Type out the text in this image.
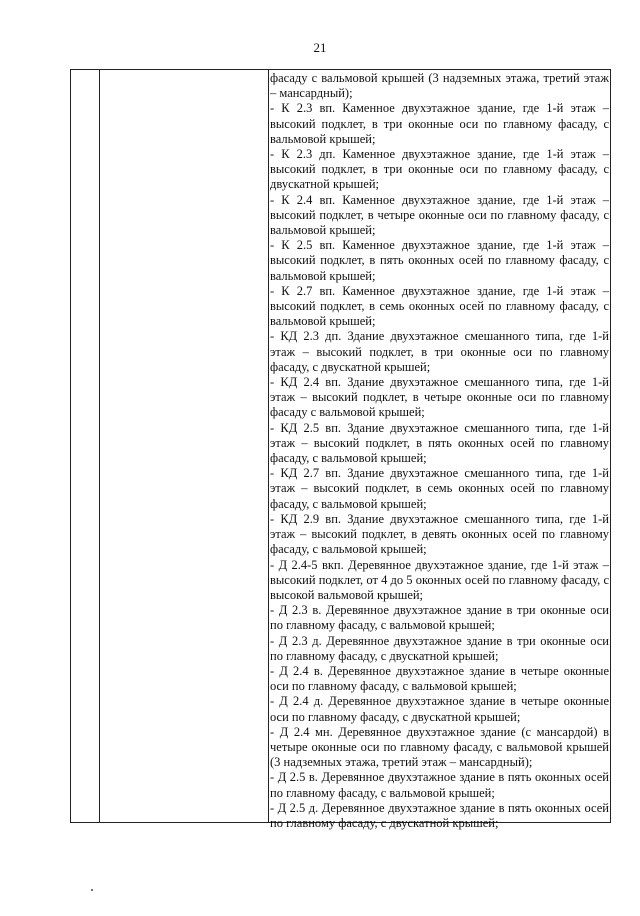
21

фасаду с вальмовой крышей (3 надземных этажа, третий этаж – мансардный);

- К 2.3 вп. Каменное двухэтажное здание, где 1-й этаж – высокий подклет, в три оконные оси по главному фасаду, с вальмовой крышей;

- К 2.3 дп. Каменное двухэтажное здание, где 1-й этаж – высокий подклет, в три оконные оси по главному фасаду, с двускатной крышей;

- К 2.4 вп. Каменное двухэтажное здание, где 1-й этаж – высокий подклет, в четыре оконные оси по главному фасаду, с вальмовой крышей;

- К 2.5 вп. Каменное двухэтажное здание, где 1-й этаж – высокий подклет, в пять оконных осей по главному фасаду, с вальмовой крышей;

- К 2.7 вп. Каменное двухэтажное здание, где 1-й этаж – высокий подклет, в семь оконных осей по главному фасаду, с вальмовой крышей;

- КД 2.3 дп. Здание двухэтажное смешанного типа, где 1-й этаж – высокий подклет, в три оконные оси по главному фасаду, с двускатной крышей;

- КД 2.4 вп. Здание двухэтажное смешанного типа, где 1-й этаж – высокий подклет, в четыре оконные оси по главному фасаду с вальмовой крышей;

- КД 2.5 вп. Здание двухэтажное смешанного типа, где 1-й этаж – высокий подклет, в пять оконных осей по главному фасаду, с вальмовой крышей;

- КД 2.7 вп. Здание двухэтажное смешанного типа, где 1-й этаж – высокий подклет, в семь оконных осей по главному фасаду, с вальмовой крышей;

- КД 2.9 вп. Здание двухэтажное смешанного типа, где 1-й этаж – высокий подклет, в девять оконных осей по главному фасаду, с вальмовой крышей;

- Д 2.4-5 вкп. Деревянное двухэтажное здание, где 1-й этаж – высокий подклет, от 4 до 5 оконных осей по главному фасаду, с высокой вальмовой крышей;

- Д 2.3 в. Деревянное двухэтажное здание в три оконные оси по главному фасаду, с вальмовой крышей;

- Д 2.3 д. Деревянное двухэтажное здание в три оконные оси по главному фасаду, с двускатной крышей;

- Д 2.4 в. Деревянное двухэтажное здание в четыре оконные оси по главному фасаду, с вальмовой крышей;

- Д 2.4 д. Деревянное двухэтажное здание в четыре оконные оси по главному фасаду, с двускатной крышей;

- Д 2.4 мн. Деревянное двухэтажное здание (с мансардой) в четыре оконные оси по главному фасаду, с вальмовой крышей (3 надземных этажа, третий этаж – мансардный);

- Д 2.5 в. Деревянное двухэтажное здание в пять оконных осей по главному фасаду, с вальмовой крышей;

- Д 2.5 д. Деревянное двухэтажное здание в пять оконных осей по главному фасаду, с двускатной крышей;
